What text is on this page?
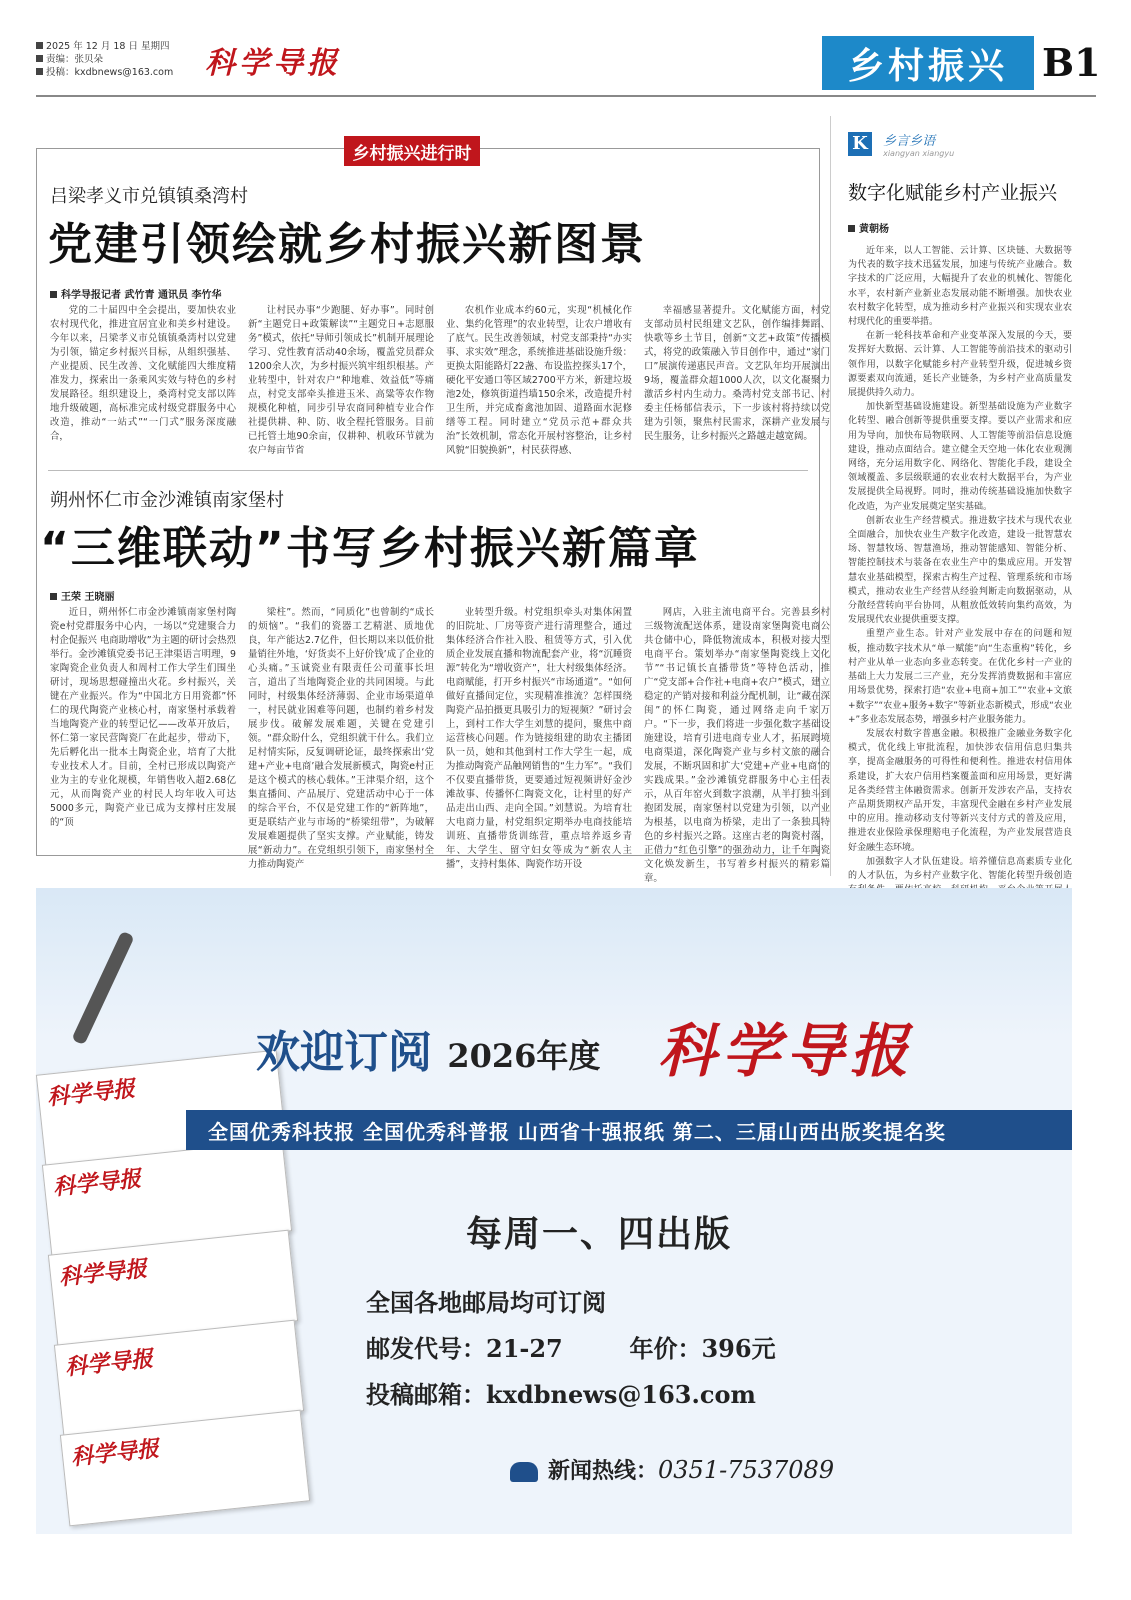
2025 年 12 月 18 日 星期四
责编：张贝朵
投稿：kxdbnews@163.com 科学导报	乡村振兴 B1
乡村振兴进行时
吕梁孝义市兑镇镇桑湾村
党建引领绘就乡村振兴新图景
科学导报记者 武竹青 通讯员 李竹华
党的二十届四中全会提出，要加快农业农村现代化，推进宜居宜业和美乡村建设。今年以来，吕梁孝义市兑镇镇桑湾村以党建为引领，锚定乡村振兴目标，从组织强基、产业提质、民生改善、文化赋能四大维度精准发力，探索出一条乘风实效与特色的乡村发展路径。组织建设上，桑湾村党支部以阵地升级破题，高标准完成村级党群服务中心改造，推动“一站式”“一门式”服务深度融合，
让村民办事“少跑腿、好办事”。同时创新“主题党日+政策解读”“主题党日+志愿服务”模式，依托“导师引领成长”机制开展理论学习、党性教育活动40余场，覆盖党员群众1200余人次，为乡村振兴筑牢组织根基。产业转型中，针对农户“种地难、效益低”等痛点，村党支部牵头推进玉米、高粱等农作物规模化种植，同步引导农商同种植专业合作社提供耕、种、防、收全程托管服务。目前已托管土地90余亩，仅耕种、机收环节就为农户每亩节省
农机作业成本约60元，实现“机械化作业、集约化管理”的农业转型，让农户增收有了底气。民生改善领域，村党支部秉持“办实事、求实效”理念，系统推进基础设施升级：更换太阳能路灯22盏、布设监控探头17个，硬化平安通口等区域2700平方米，新建垃圾池2处，修筑街道挡墙150余米，改造提升村卫生所，并完成畜禽池加固、道路面水泥修缮等工程。同时建立“党员示范+群众共治”长效机制，常态化开展村容整治，让乡村风貌“旧貌换新”，村民获得感、
幸福感显著提升。文化赋能方面，村党支部动员村民组建文艺队，创作编排舞蹈、快歌等乡土节目，创新“文艺+政策”传播模式，将党的政策融入节目创作中，通过“家门口”展演传递惠民声音。文艺队年均开展演出9场，覆盖群众超1000人次，以文化凝聚力激活乡村内生动力。桑湾村党支部书记、村委主任杨郁信表示，下一步该村将持续以党建为引领，聚焦村民需求，深耕产业发展与民生服务，让乡村振兴之路越走越宽阔。
朔州怀仁市金沙滩镇南家堡村
“三维联动”书写乡村振兴新篇章
王荣 王晓丽
近日，朔州怀仁市金沙滩镇南家堡村陶瓷e村党群服务中心内，一场以“党建聚合力 村企促振兴 电商助增收”为主题的研讨会热烈举行。金沙滩镇党委书记王津渠语言明理，9家陶瓷企业负责人和周村工作大学生们围坐研讨，现场思想碰撞出火花。乡村振兴，关键在产业振兴。作为“中国北方日用瓷都”怀仁的现代陶瓷产业核心村，南家堡村承载着当地陶瓷产业的转型记忆——改革开放后，怀仁第一家民营陶瓷厂在此起步，带动下，先后孵化出一批本土陶瓷企业，培育了大批专业技术人才。目前，全村已形成以陶瓷产业为主的专业化规模，年销售收入超2.68亿元，从而陶瓷产业的村民人均年收入可达5000多元，陶瓷产业已成为支撑村庄发展的“顶
梁柱”。然而，“同质化”也曾制约“成长的烦恼”。“我们的瓷器工艺精湛、质地优良，年产能达2.7亿件，但长期以来以低价批量销往外地，‘好货卖不上好价钱’成了企业的心头痛。”玉诚瓷业有限责任公司董事长坦言，道出了当地陶瓷企业的共同困境。与此同时，村级集体经济薄弱、企业市场渠道单一，村民就业困难等问题，也制约着乡村发展步伐。破解发展难题，关键在党建引领。“群众盼什么，党组织就干什么。我们立足村情实际，反复调研论证，最终探索出‘党建+产业+电商’融合发展新模式，陶瓷e村正是这个模式的核心载体。”王津渠介绍，这个集直播间、产品展厅、党建活动中心于一体的综合平台，不仅是党建工作的“新阵地”，更是联结产业与市场的“桥梁纽带”，为破解发展难题提供了坚实支撑。产业赋能，铸发展“新动力”。在党组织引领下，南家堡村全力推动陶瓷产
业转型升级。村党组织牵头对集体闲置的旧院址、厂房等资产进行清理整合，通过集体经济合作社入股、租赁等方式，引入优质企业发展直播和物流配套产业，将“沉睡资源”转化为“增收资产”，壮大村级集体经济。电商赋能，打开乡村振兴“市场通道”。“如何做好直播间定位，实现精准推流？怎样围绕陶瓷产品拍摄更具吸引力的短视频？”研讨会上，到村工作大学生刘慧的提问，聚焦中商运营核心问题。作为链接组建的助农主播团队一员，她和其他到村工作大学生一起，成为推动陶瓷产品触网销售的“生力军”。“我们不仅要直播带货，更要通过短视频讲好金沙滩故事、传播怀仁陶瓷文化，让村里的好产品走出山西、走向全国。”刘慧说。为培育壮大电商力量，村党组织定期举办电商技能培训班、直播带货训练营，重点培养返乡青年、大学生、留守妇女等成为“新农人主播”，支持村集体、陶瓷作坊开设
网店，入驻主流电商平台。完善县乡村三级物流配送体系，建设南家堡陶瓷电商公共仓储中心，降低物流成本，积极对接大型电商平台。策划举办“南家堡陶瓷线上文化节”“书记镇长直播带货”等特色活动，推广“党支部+合作社+电商+农户”模式，建立稳定的产销对接和利益分配机制，让“藏在深闺”的怀仁陶瓷，通过网络走向千家万户。“下一步，我们将进一步强化数字基础设施建设，培育引进电商专业人才，拓展跨境电商渠道，深化陶瓷产业与乡村文旅的融合发展，不断巩固和扩大‘党建+产业+电商’的实践成果。”金沙滩镇党群服务中心主任表示，从百年窑火到数字浪潮，从半打独斗到抱团发展，南家堡村以党建为引领，以产业为根基，以电商为桥梁，走出了一条独具特色的乡村振兴之路。这座古老的陶瓷村落，正借力“红色引擎”的强劲动力，让千年陶瓷文化焕发新生，书写着乡村振兴的精彩篇章。
K 乡言乡语
xiangyan xiangyu
数字化赋能乡村产业振兴
黄朝杨

近年来，以人工智能、云计算、区块链、大数据等为代表的数字技术迅猛发展，加速与传统产业融合。数字技术的广泛应用，大幅提升了农业的机械化、智能化水平，农村新产业新业态发展动能不断增强。加快农业农村数字化转型，成为推动乡村产业振兴和实现农业农村现代化的重要举措。

在新一轮科技革命和产业变革深入发展的今天，要发挥好大数据、云计算、人工智能等前沿技术的驱动引领作用，以数字化赋能乡村产业转型升级，促进城乡资源要素双向流通，延长产业链条，为乡村产业高质量发展提供持久动力。

加快新型基础设施建设。新型基础设施为产业数字化转型、融合创新等提供重要支撑。要以产业需求和应用为导向，加快布局物联网、人工智能等前沿信息设施建设，推动点面结合。建立健全天空地一体化农业观测网络，充分运用数字化、网络化、智能化手段，建设全领域覆盖、多层级联通的农业农村大数据平台，为产业发展提供全局视野。同时，推动传统基础设施加快数字化改造，为产业发展奠定坚实基础。

创新农业生产经营模式。推进数字技术与现代农业全面融合，加快农业生产数字化改造，建设一批智慧农场、智慧牧场、智慧渔场，推动智能感知、智能分析、智能控制技术与装备在农业生产中的集成应用。开发智慧农业基础模型，探索古构生产过程、管理系统和市场模式，推动农业生产经营从经验判断走向数据驱动，从分散经营转向平台协同，从粗放低效转向集约高效，为发展现代农业提供重要支撑。

重塑产业生态。针对产业发展中存在的问题和短板，推动数字技术从“单一赋能”向“生态重构”转化，乡村产业从单一业态向多业态转变。在优化乡村一产业的基础上大力发展二三产业，充分发挥消费数据和丰富应用场景优势，探索打造“农业+电商+加工”“农业+文旅+数字”“农业+服务+数字”等新业态新模式，形成“农业+”多业态发展态势，增强乡村产业服务能力。

发展农村数字普惠金融。积极推广金融业务数字化模式，优化线上审批流程，加快涉农信用信息归集共享，提高金融服务的可得性和便利性。推进农村信用体系建设，扩大农户信用档案覆盖面和应用场景，更好满足各类经营主体融资需求。创新开发涉农产品，支持农产品期货期权产品开发，丰富现代金融在乡村产业发展中的应用。推动移动支付等新兴支付方式的普及应用，推进农业保险承保理赔电子化流程，为产业发展营造良好金融生态环境。

加强数字人才队伍建设。培养懂信息高素质专业化的人才队伍，为乡村产业数字化、智能化转型升级创造

科学导报
科学导报
科学导报
科学导报
科学导报
欢迎订阅 2026年度 科学导报
全国优秀科技报 全国优秀科普报 山西省十强报纸 第二、三届山西出版奖提名奖
每周一、四出版
全国各地邮局均可订阅
邮发代号：21-27	年价：396元
投稿邮箱：kxdbnews@163.com
新闻热线：0351-7537089
